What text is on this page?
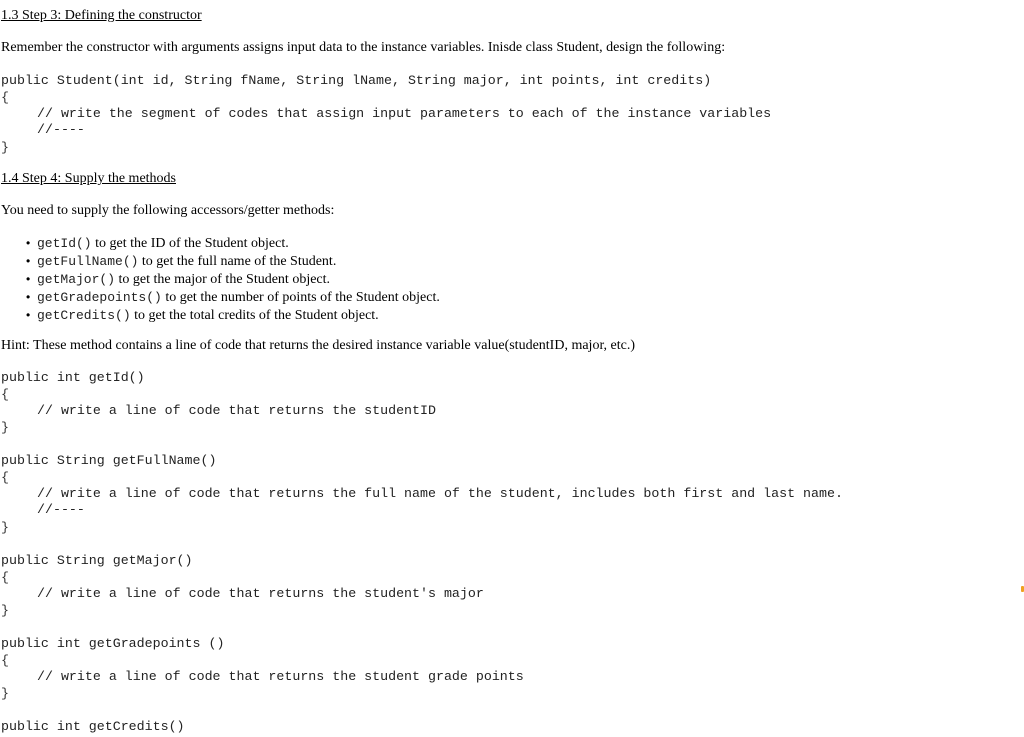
1.3 Step 3: Defining the constructor

Remember the constructor with arguments assigns input data to the instance variables. Inisde class Student, design the following:

public Student(int id, String fName, String lName, String major, int points, int credits)

{

// write the segment of codes that assign input parameters to each of the instance variables

//----

}

1.4 Step 4: Supply the methods

You need to supply the following accessors/getter methods:

• getId() to get the ID of the Student object.
• getFullName() to get the full name of the Student.
• getMajor() to get the major of the Student object.
• getGradepoints() to get the number of points of the Student object.
• getCredits() to get the total credits of the Student object.

Hint: These method contains a line of code that returns the desired instance variable value(studentID, major, etc.)

public int getId()

{

// write a line of code that returns the studentID

}

public String getFullName()

{

// write a line of code that returns the full name of the student, includes both first and last name.

//----

}

public String getMajor()

{

// write a line of code that returns the student's major

}

public int getGradepoints ()

{

// write a line of code that returns the student grade points

}

public int getCredits()
